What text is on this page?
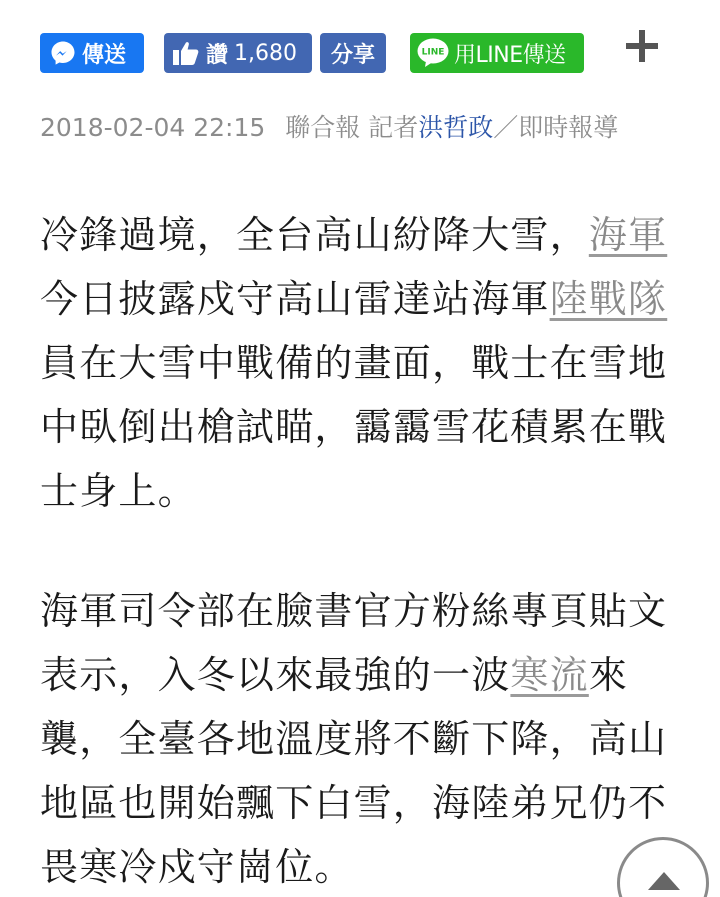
傳送	讚 1,680 分享	LINE 用LINE傳送
2018-02-04 22:15 聯合報 記者洪哲政／即時報導

冷鋒過境，全台高山紛降大雪，海軍今日披露戍守高山雷達站海軍陸戰隊員在大雪中戰備的畫面，戰士在雪地中臥倒出槍試瞄，靄靄雪花積累在戰士身上。

海軍司令部在臉書官方粉絲專頁貼文表示，入冬以來最強的一波寒流來襲，全臺各地溫度將不斷下降，高山地區也開始飄下白雪，海陸弟兄仍不畏寒冷戍守崗位。
